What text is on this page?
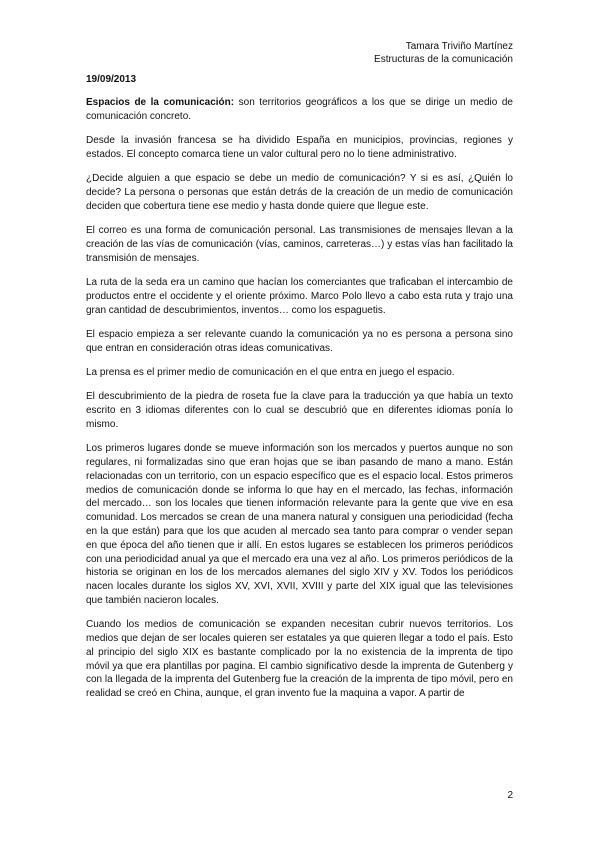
Tamara Triviño Martínez
Estructuras de la comunicación
19/09/2013

Espacios de la comunicación: son territorios geográficos a los que se dirige un medio de comunicación concreto.

Desde la invasión francesa se ha dividido España en municipios, provincias, regiones y estados. El concepto comarca tiene un valor cultural pero no lo tiene administrativo.

¿Decide alguien a que espacio se debe un medio de comunicación? Y si es así, ¿Quién lo decide? La persona o personas que están detrás de la creación de un medio de comunicación deciden que cobertura tiene ese medio y hasta donde quiere que llegue este.

El correo es una forma de comunicación personal. Las transmisiones de mensajes llevan a la creación de las vías de comunicación (vías, caminos, carreteras…) y estas vías han facilitado la transmisión de mensajes.

La ruta de la seda era un camino que hacían los comerciantes que traficaban el intercambio de productos entre el occidente y el oriente próximo. Marco Polo llevo a cabo esta ruta y trajo una gran cantidad de descubrimientos, inventos… como los espaguetis.

El espacio empieza a ser relevante cuando la comunicación ya no es persona a persona sino que entran en consideración otras ideas comunicativas.

La prensa es el primer medio de comunicación en el que entra en juego el espacio.

El descubrimiento de la piedra de roseta fue la clave para la traducción ya que había un texto escrito en 3 idiomas diferentes con lo cual se descubrió que en diferentes idiomas ponía lo mismo.

Los primeros lugares donde se mueve información son los mercados y puertos aunque no son regulares, ni formalizadas sino que eran hojas que se iban pasando de mano a mano. Están relacionadas con un territorio, con un espacio específico que es el espacio local. Estos primeros medios de comunicación donde se informa lo que hay en el mercado, las fechas, información del mercado… son los locales que tienen información relevante para la gente que vive en esa comunidad. Los mercados se crean de una manera natural y consiguen una periodicidad (fecha en la que están) para que los que acuden al mercado sea tanto para comprar o vender sepan en que época del año tienen que ir allí. En estos lugares se establecen los primeros periódicos con una periodicidad anual ya que el mercado era una vez al año. Los primeros periódicos de la historia se originan en los de los mercados alemanes del siglo XIV y XV. Todos los periódicos nacen locales durante los siglos XV, XVI, XVII, XVIII y parte del XIX igual que las televisiones que también nacieron locales.

Cuando los medios de comunicación se expanden necesitan cubrir nuevos territorios. Los medios que dejan de ser locales quieren ser estatales ya que quieren llegar a todo el país. Esto al principio del siglo XIX es bastante complicado por la no existencia de la imprenta de tipo móvil ya que era plantillas por pagina. El cambio significativo desde la imprenta de Gutenberg y con la llegada de la imprenta del Gutenberg fue la creación de la imprenta de tipo móvil, pero en realidad se creó en China, aunque, el gran invento fue la maquina a vapor. A partir de

2
